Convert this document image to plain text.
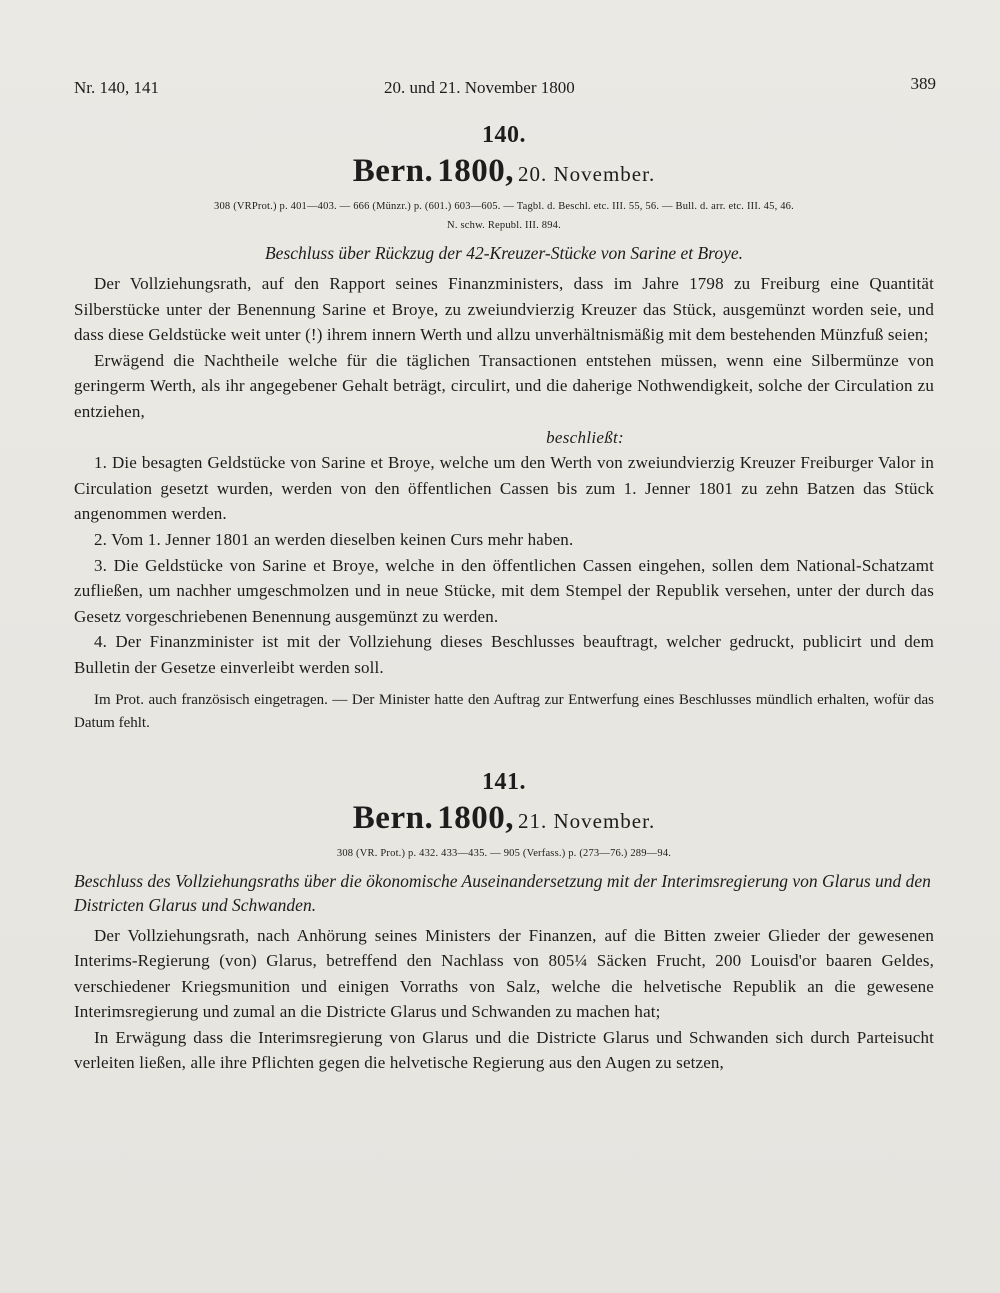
Nr. 140, 141	20. und 21. November 1800	389
140.
Bern. 1800, 20. November.
308 (VRProt.) p. 401—403. — 666 (Münzr.) p. (601.) 603—605. — Tagbl. d. Beschl. etc. III. 55, 56. — Bull. d. arr. etc. III. 45, 46.
N. schw. Republ. III. 894.
Beschluss über Rückzug der 42-Kreuzer-Stücke von Sarine et Broye.

Der Vollziehungsrath, auf den Rapport seines Finanzministers, dass im Jahre 1798 zu Freiburg eine Quantität Silberstücke unter der Benennung Sarine et Broye, zu zweiundvierzig Kreuzer das Stück, ausgemünzt worden seie, und dass diese Geldstücke weit unter (!) ihrem innern Werth und allzu unverhältnismäßig mit dem bestehenden Münzfuß seien;

Erwägend die Nachtheile welche für die täglichen Transactionen entstehen müssen, wenn eine Silbermünze von geringerm Werth, als ihr angegebener Gehalt beträgt, circulirt, und die daherige Nothwendigkeit, solche der Circulation zu entziehen,

beschließt:

1. Die besagten Geldstücke von Sarine et Broye, welche um den Werth von zweiundvierzig Kreuzer Freiburger Valor in Circulation gesetzt wurden, werden von den öffentlichen Cassen bis zum 1. Jenner 1801 zu zehn Batzen das Stück angenommen werden.

2. Vom 1. Jenner 1801 an werden dieselben keinen Curs mehr haben.

3. Die Geldstücke von Sarine et Broye, welche in den öffentlichen Cassen eingehen, sollen dem National-Schatzamt zufließen, um nachher umgeschmolzen und in neue Stücke, mit dem Stempel der Republik versehen, unter der durch das Gesetz vorgeschriebenen Benennung ausgemünzt zu werden.

4. Der Finanzminister ist mit der Vollziehung dieses Beschlusses beauftragt, welcher gedruckt, publicirt und dem Bulletin der Gesetze einverleibt werden soll.

Im Prot. auch französisch eingetragen. — Der Minister hatte den Auftrag zur Entwerfung eines Beschlusses mündlich erhalten, wofür das Datum fehlt.

141.
Bern. 1800, 21. November.
308 (VR. Prot.) p. 432. 433—435. — 905 (Verfass.) p. (273—76.) 289—94.
Beschluss des Vollziehungsraths über die ökonomische Auseinandersetzung mit der Interimsregierung von Glarus und den Districten Glarus und Schwanden.

Der Vollziehungsrath, nach Anhörung seines Ministers der Finanzen, auf die Bitten zweier Glieder der gewesenen Interims-Regierung (von) Glarus, betreffend den Nachlass von 805¼ Säcken Frucht, 200 Louisd'or baaren Geldes, verschiedener Kriegsmunition und einigen Vorraths von Salz, welche die helvetische Republik an die gewesene Interimsregierung und zumal an die Districte Glarus und Schwanden zu machen hat;

In Erwägung dass die Interimsregierung von Glarus und die Districte Glarus und Schwanden sich durch Parteisucht verleiten ließen, alle ihre Pflichten gegen die helvetische Regierung aus den Augen zu setzen,
